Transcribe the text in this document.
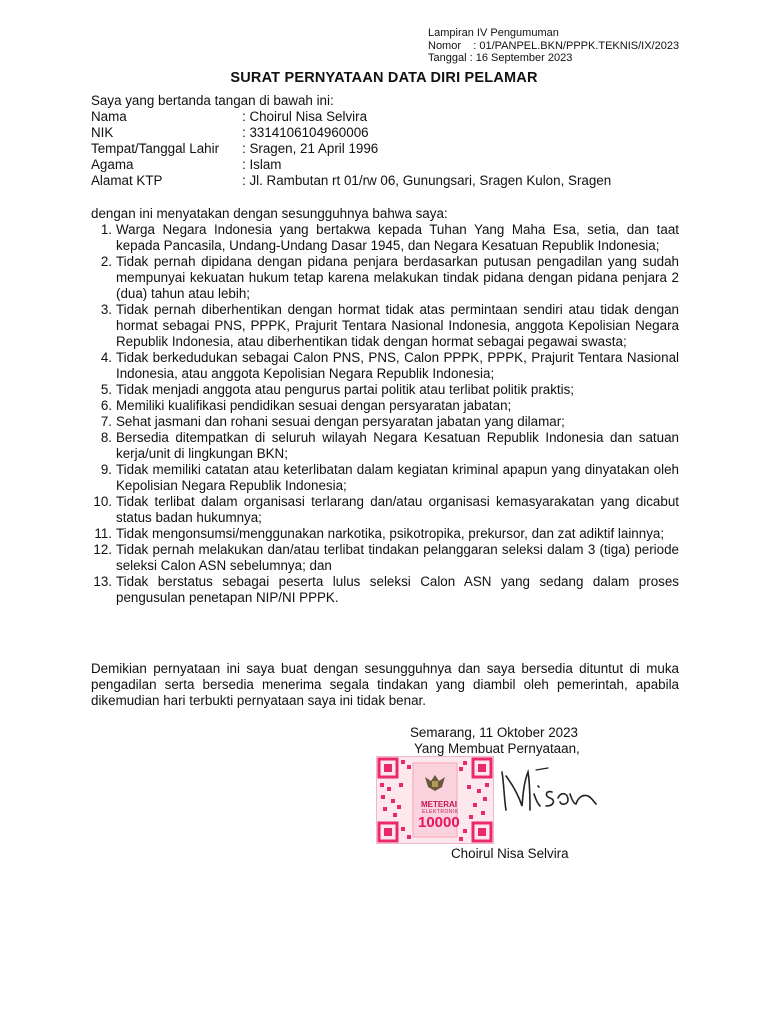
Lampiran IV Pengumuman
Nomor : 01/PANPEL.BKN/PPPK.TEKNIS/IX/2023
Tanggal : 16 September 2023
SURAT PERNYATAAN DATA DIRI PELAMAR
Saya yang bertanda tangan di bawah ini:
Nama	: Choirul Nisa Selvira
NIK	: 3314106104960006
Tempat/Tanggal Lahir	: Sragen, 21 April 1996
Agama	: Islam
Alamat KTP	: Jl. Rambutan rt 01/rw 06, Gunungsari, Sragen Kulon, Sragen
dengan ini menyatakan dengan sesungguhnya bahwa saya:
1. Warga Negara Indonesia yang bertakwa kepada Tuhan Yang Maha Esa, setia, dan taat kepada Pancasila, Undang-Undang Dasar 1945, dan Negara Kesatuan Republik Indonesia;
2. Tidak pernah dipidana dengan pidana penjara berdasarkan putusan pengadilan yang sudah mempunyai kekuatan hukum tetap karena melakukan tindak pidana dengan pidana penjara 2 (dua) tahun atau lebih;
3. Tidak pernah diberhentikan dengan hormat tidak atas permintaan sendiri atau tidak dengan hormat sebagai PNS, PPPK, Prajurit Tentara Nasional Indonesia, anggota Kepolisian Negara Republik Indonesia, atau diberhentikan tidak dengan hormat sebagai pegawai swasta;
4. Tidak berkedudukan sebagai Calon PNS, PNS, Calon PPPK, PPPK, Prajurit Tentara Nasional Indonesia, atau anggota Kepolisian Negara Republik Indonesia;
5. Tidak menjadi anggota atau pengurus partai politik atau terlibat politik praktis;
6. Memiliki kualifikasi pendidikan sesuai dengan persyaratan jabatan;
7. Sehat jasmani dan rohani sesuai dengan persyaratan jabatan yang dilamar;
8. Bersedia ditempatkan di seluruh wilayah Negara Kesatuan Republik Indonesia dan satuan kerja/unit di lingkungan BKN;
9. Tidak memiliki catatan atau keterlibatan dalam kegiatan kriminal apapun yang dinyatakan oleh Kepolisian Negara Republik Indonesia;
10. Tidak terlibat dalam organisasi terlarang dan/atau organisasi kemasyarakatan yang dicabut status badan hukumnya;
11. Tidak mengonsumsi/menggunakan narkotika, psikotropika, prekursor, dan zat adiktif lainnya;
12. Tidak pernah melakukan dan/atau terlibat tindakan pelanggaran seleksi dalam 3 (tiga) periode seleksi Calon ASN sebelumnya; dan
13. Tidak berstatus sebagai peserta lulus seleksi Calon ASN yang sedang dalam proses pengusulan penetapan NIP/NI PPPK.
Demikian pernyataan ini saya buat dengan sesungguhnya dan saya bersedia dituntut di muka pengadilan serta bersedia menerima segala tindakan yang diambil oleh pemerintah, apabila dikemudian hari terbukti pernyataan saya ini tidak benar.
Semarang, 11 Oktober 2023
Yang Membuat Pernyataan,
METERAI
ELEKTRONIK
10000
Choirul Nisa Selvira
